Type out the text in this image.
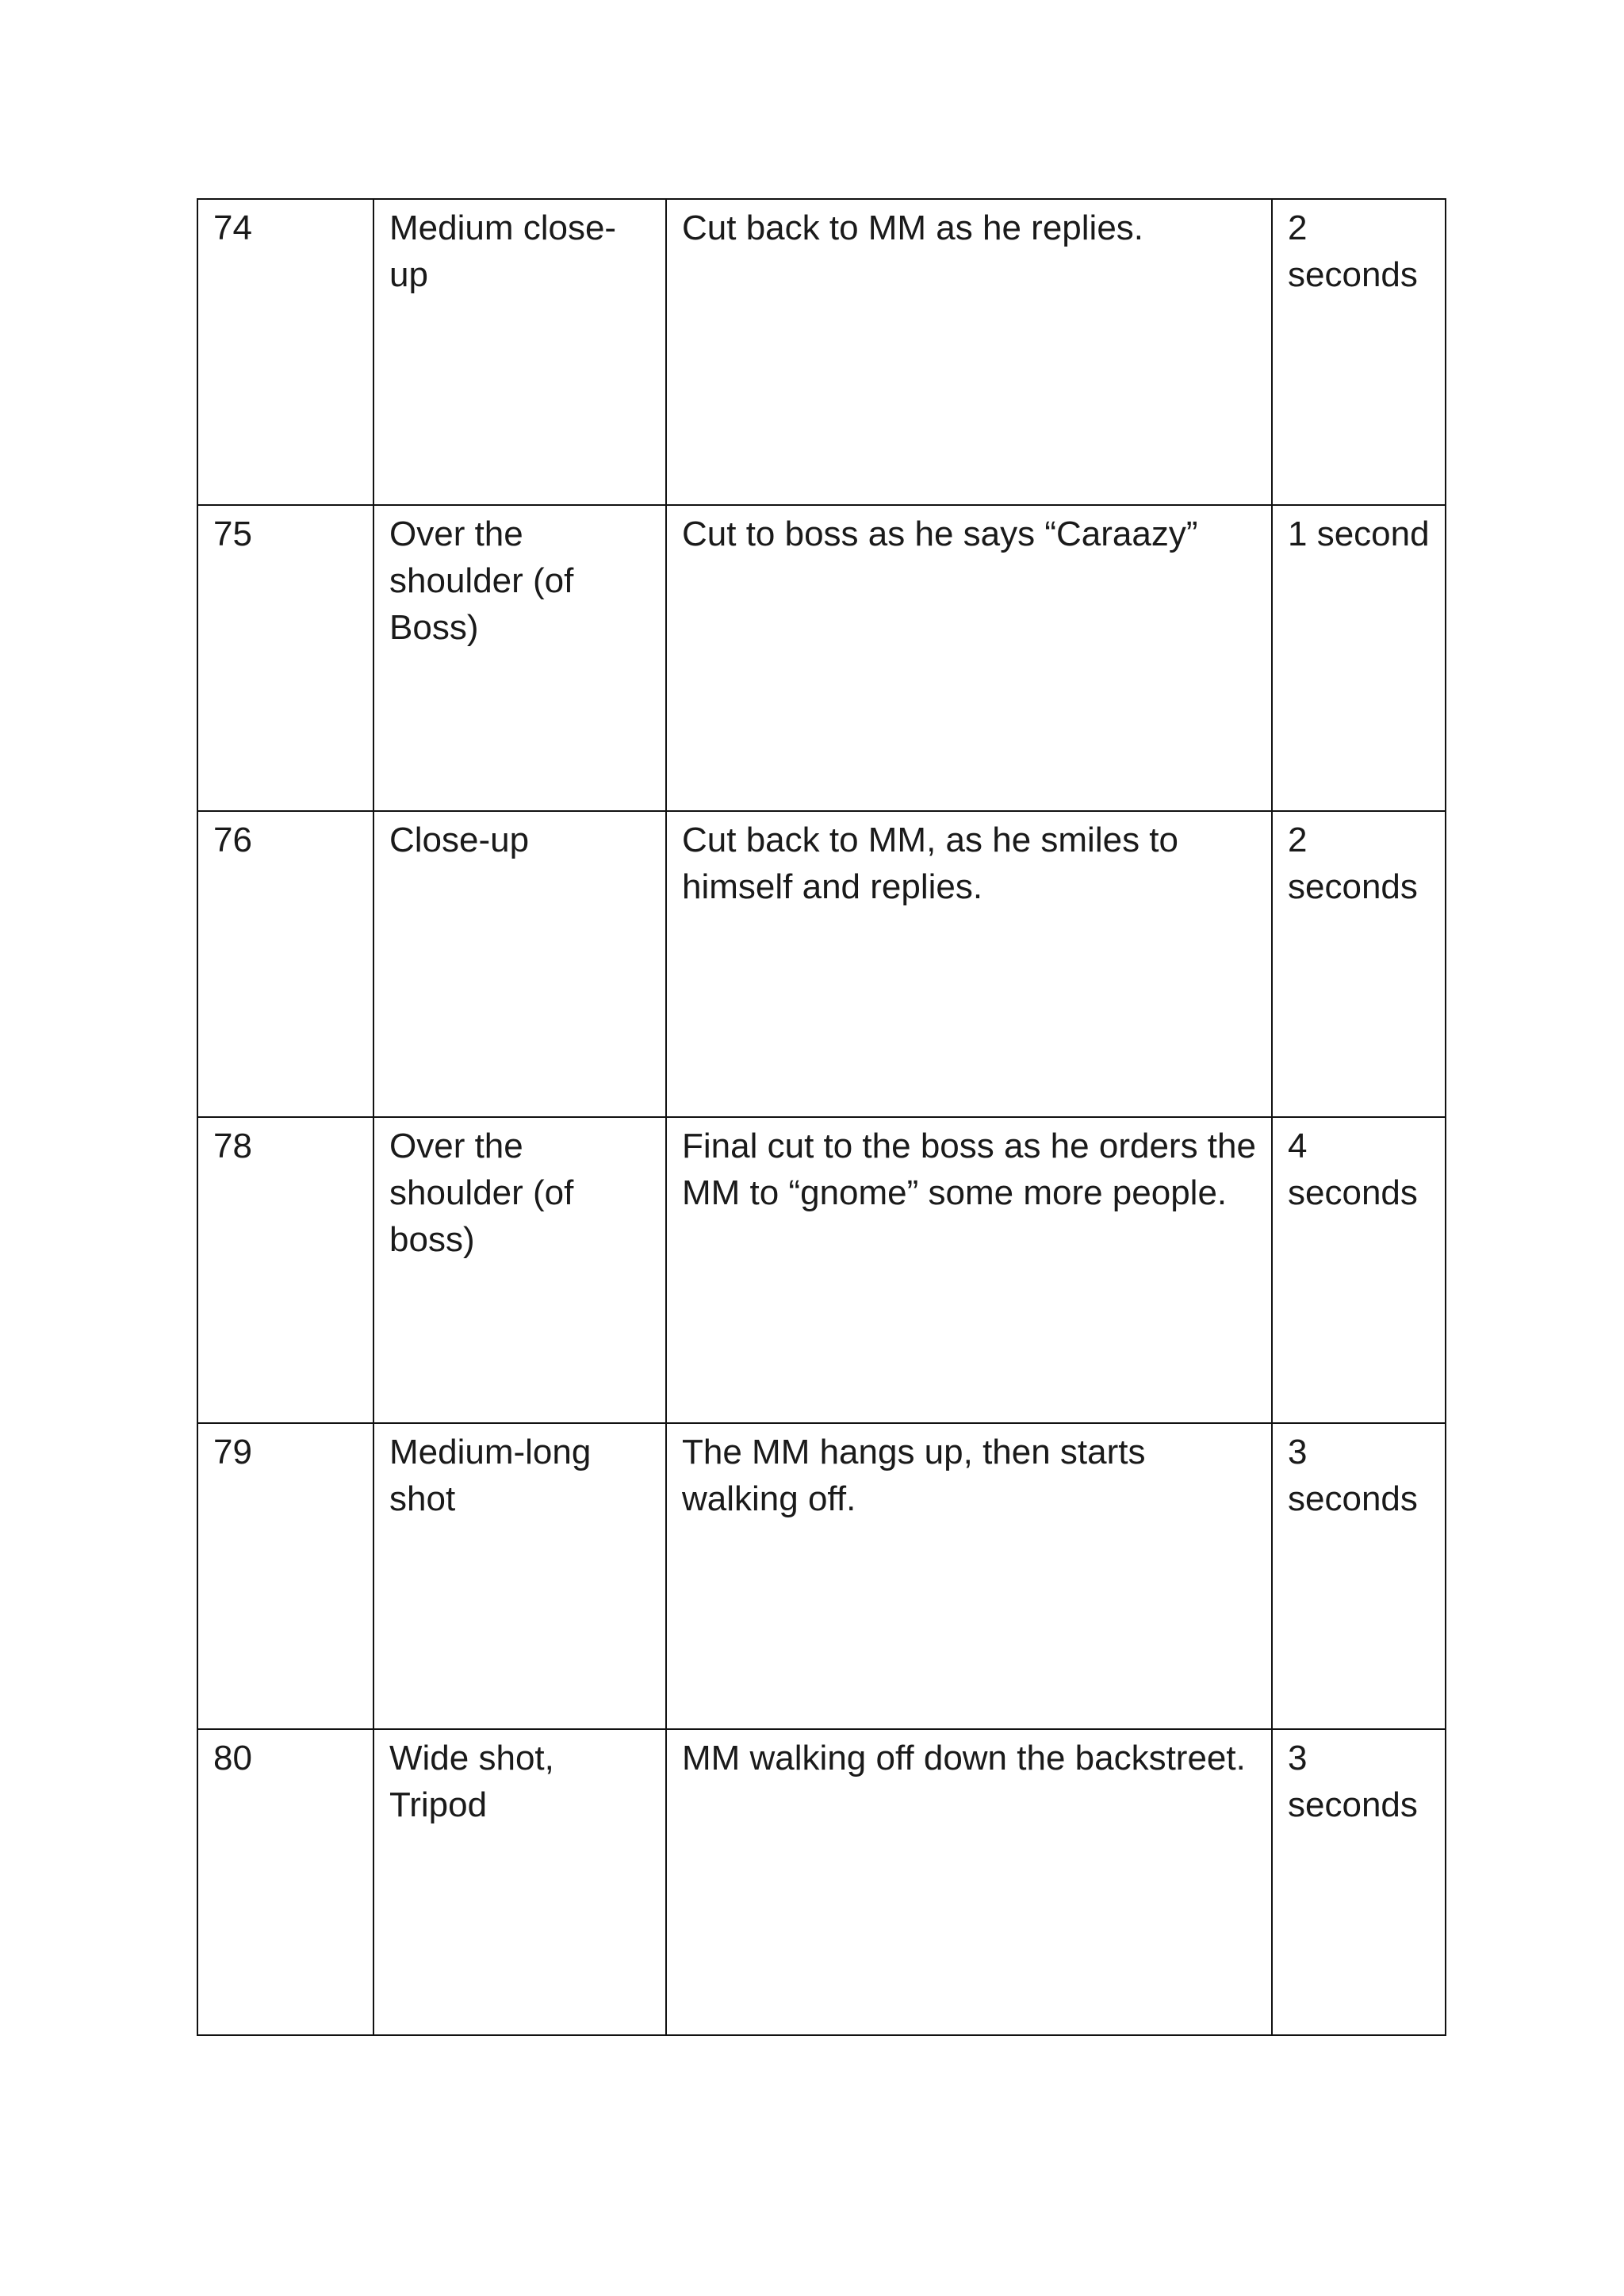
74	Medium close-up	Cut back to MM as he replies.	2 seconds
75	Over the shoulder (of Boss)	Cut to boss as he says “Caraazy”	1 second
76	Close-up	Cut back to MM, as he smiles to himself and replies.	2 seconds
78	Over the shoulder (of boss)	Final cut to the boss as he orders the MM to “gnome” some more people.	4 seconds
79	Medium-long shot	The MM hangs up, then starts walking off.	3 seconds
80	Wide shot, Tripod	MM walking off down the backstreet.	3 seconds
